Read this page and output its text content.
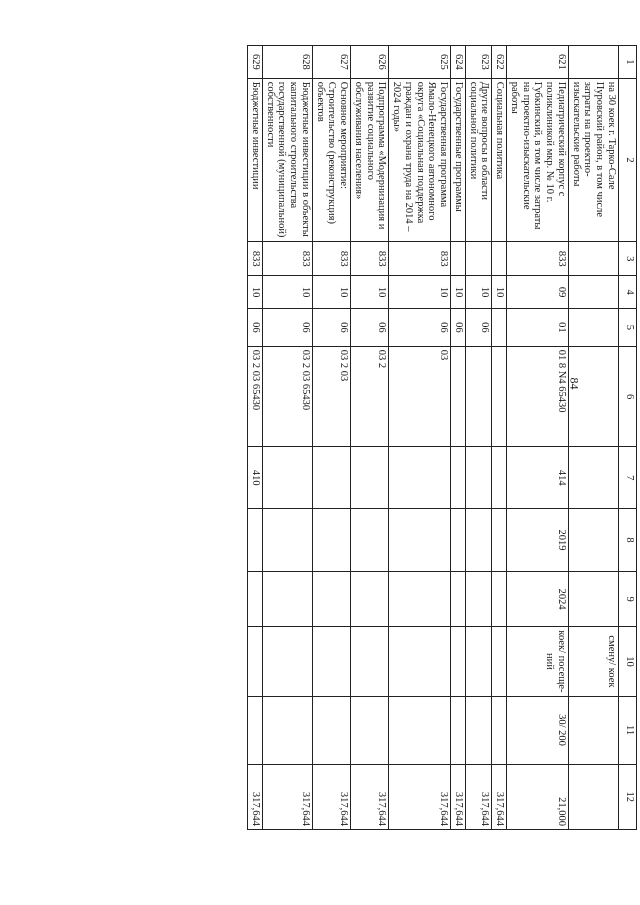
84
1	2	3	4	5	6	7	8	9	10	11	12
	на 30 коек г. Тарко-Сале Пуровский район, в том числе затраты на проектно-изыскательские работы								смену/ коек		
621	Педиатрический корпус с поликлиникой мкр. № 10 г. Губкинский, в том числе затраты на проектно-изыскательские работы	833	09	01	01 8 N4 65430	414	2019	2024	коек/ посеще-ний	30/ 200	21,000
622	Социальная политика		10								317,644
623	Другие вопросы в области социальной политики		10	06							317,644
624	Государственные программы		10	06							317,644
625	Государственная программа Ямало-Ненецкого автономного округа «Социальная поддержка граждан и охрана труда на 2014 – 2024 годы»	833	10	06	03						317,644
626	Подпрограмма «Модернизация и развитие социального обслуживания населения»	833	10	06	03 2						317,644
627	Основное мероприятие: Строительство (реконструкция) объектов	833	10	06	03 2 03						317,644
628	Бюджетные инвестиции в объекты капитального строительства государственной (муниципальной) собственности	833	10	06	03 2 03 65430						317,644
629	Бюджетные инвестиции	833	10	06	03 2 03 65430	410					317,644
